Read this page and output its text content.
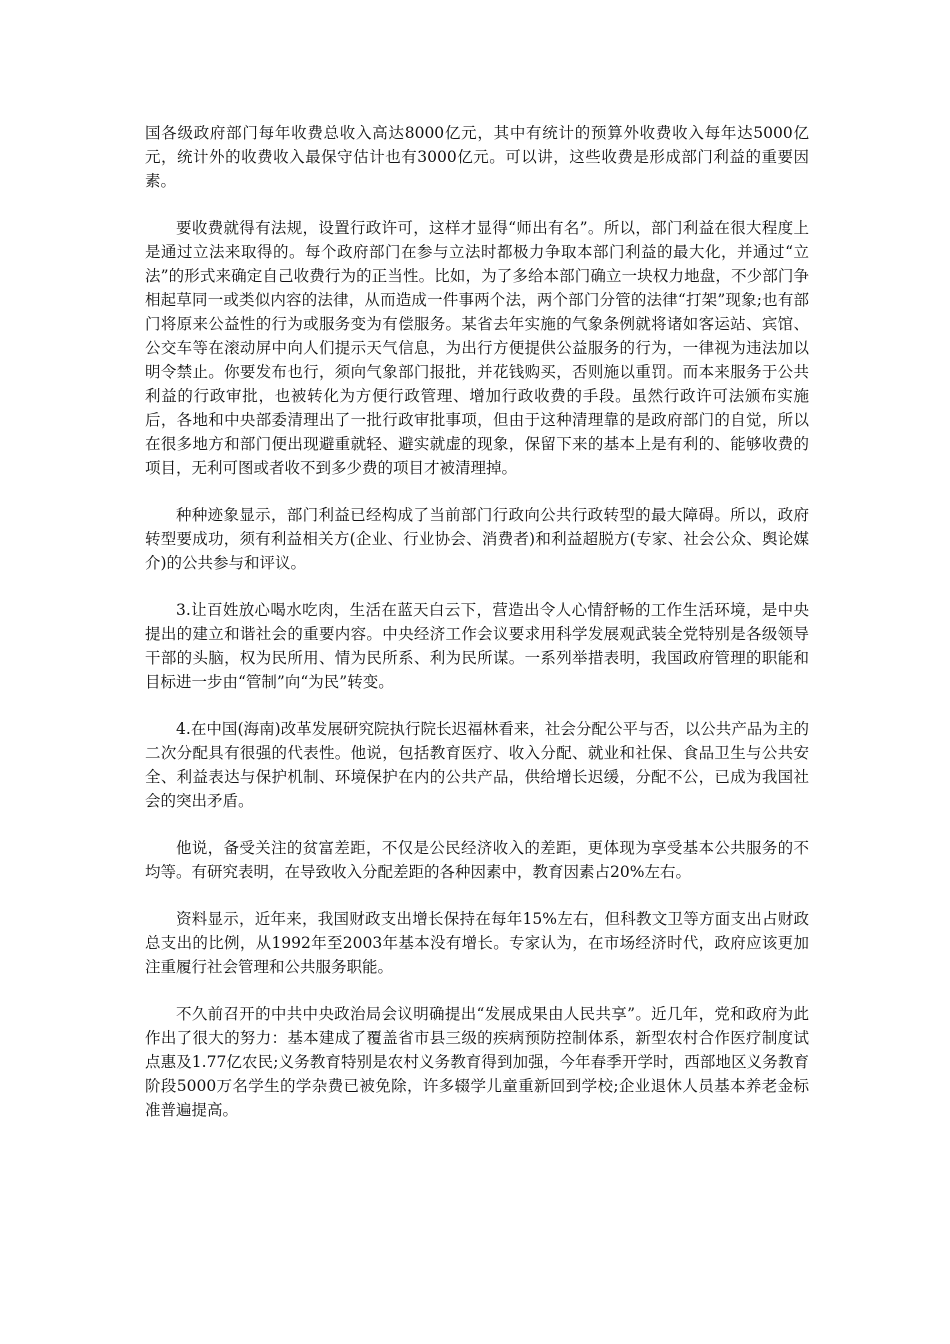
国各级政府部门每年收费总收入高达8000亿元，其中有统计的预算外收费收入每年达5000亿元，统计外的收费收入最保守估计也有3000亿元。可以讲，这些收费是形成部门利益的重要因素。

要收费就得有法规，设置行政许可，这样才显得“师出有名”。所以，部门利益在很大程度上是通过立法来取得的。每个政府部门在参与立法时都极力争取本部门利益的最大化，并通过“立法”的形式来确定自己收费行为的正当性。比如，为了多给本部门确立一块权力地盘，不少部门争相起草同一或类似内容的法律，从而造成一件事两个法，两个部门分管的法律“打架”现象;也有部门将原来公益性的行为或服务变为有偿服务。某省去年实施的气象条例就将诸如客运站、宾馆、公交车等在滚动屏中向人们提示天气信息，为出行方便提供公益服务的行为，一律视为违法加以明令禁止。你要发布也行，须向气象部门报批，并花钱购买，否则施以重罚。而本来服务于公共利益的行政审批，也被转化为方便行政管理、增加行政收费的手段。虽然行政许可法颁布实施后，各地和中央部委清理出了一批行政审批事项，但由于这种清理靠的是政府部门的自觉，所以在很多地方和部门便出现避重就轻、避实就虚的现象，保留下来的基本上是有利的、能够收费的项目，无利可图或者收不到多少费的项目才被清理掉。

种种迹象显示，部门利益已经构成了当前部门行政向公共行政转型的最大障碍。所以，政府转型要成功，须有利益相关方(企业、行业协会、消费者)和利益超脱方(专家、社会公众、舆论媒介)的公共参与和评议。

3.让百姓放心喝水吃肉，生活在蓝天白云下，营造出令人心情舒畅的工作生活环境，是中央提出的建立和谐社会的重要内容。中央经济工作会议要求用科学发展观武装全党特别是各级领导干部的头脑，权为民所用、情为民所系、利为民所谋。一系列举措表明，我国政府管理的职能和目标进一步由“管制”向“为民”转变。

4.在中国(海南)改革发展研究院执行院长迟福林看来，社会分配公平与否，以公共产品为主的二次分配具有很强的代表性。他说，包括教育医疗、收入分配、就业和社保、食品卫生与公共安全、利益表达与保护机制、环境保护在内的公共产品，供给增长迟缓，分配不公，已成为我国社会的突出矛盾。

他说，备受关注的贫富差距，不仅是公民经济收入的差距，更体现为享受基本公共服务的不均等。有研究表明，在导致收入分配差距的各种因素中，教育因素占20%左右。

资料显示，近年来，我国财政支出增长保持在每年15%左右，但科教文卫等方面支出占财政总支出的比例，从1992年至2003年基本没有增长。专家认为，在市场经济时代，政府应该更加注重履行社会管理和公共服务职能。

不久前召开的中共中央政治局会议明确提出“发展成果由人民共享”。近几年，党和政府为此作出了很大的努力：基本建成了覆盖省市县三级的疾病预防控制体系，新型农村合作医疗制度试点惠及1.77亿农民;义务教育特别是农村义务教育得到加强，今年春季开学时，西部地区义务教育阶段5000万名学生的学杂费已被免除，许多辍学儿童重新回到学校;企业退休人员基本养老金标准普遍提高。
